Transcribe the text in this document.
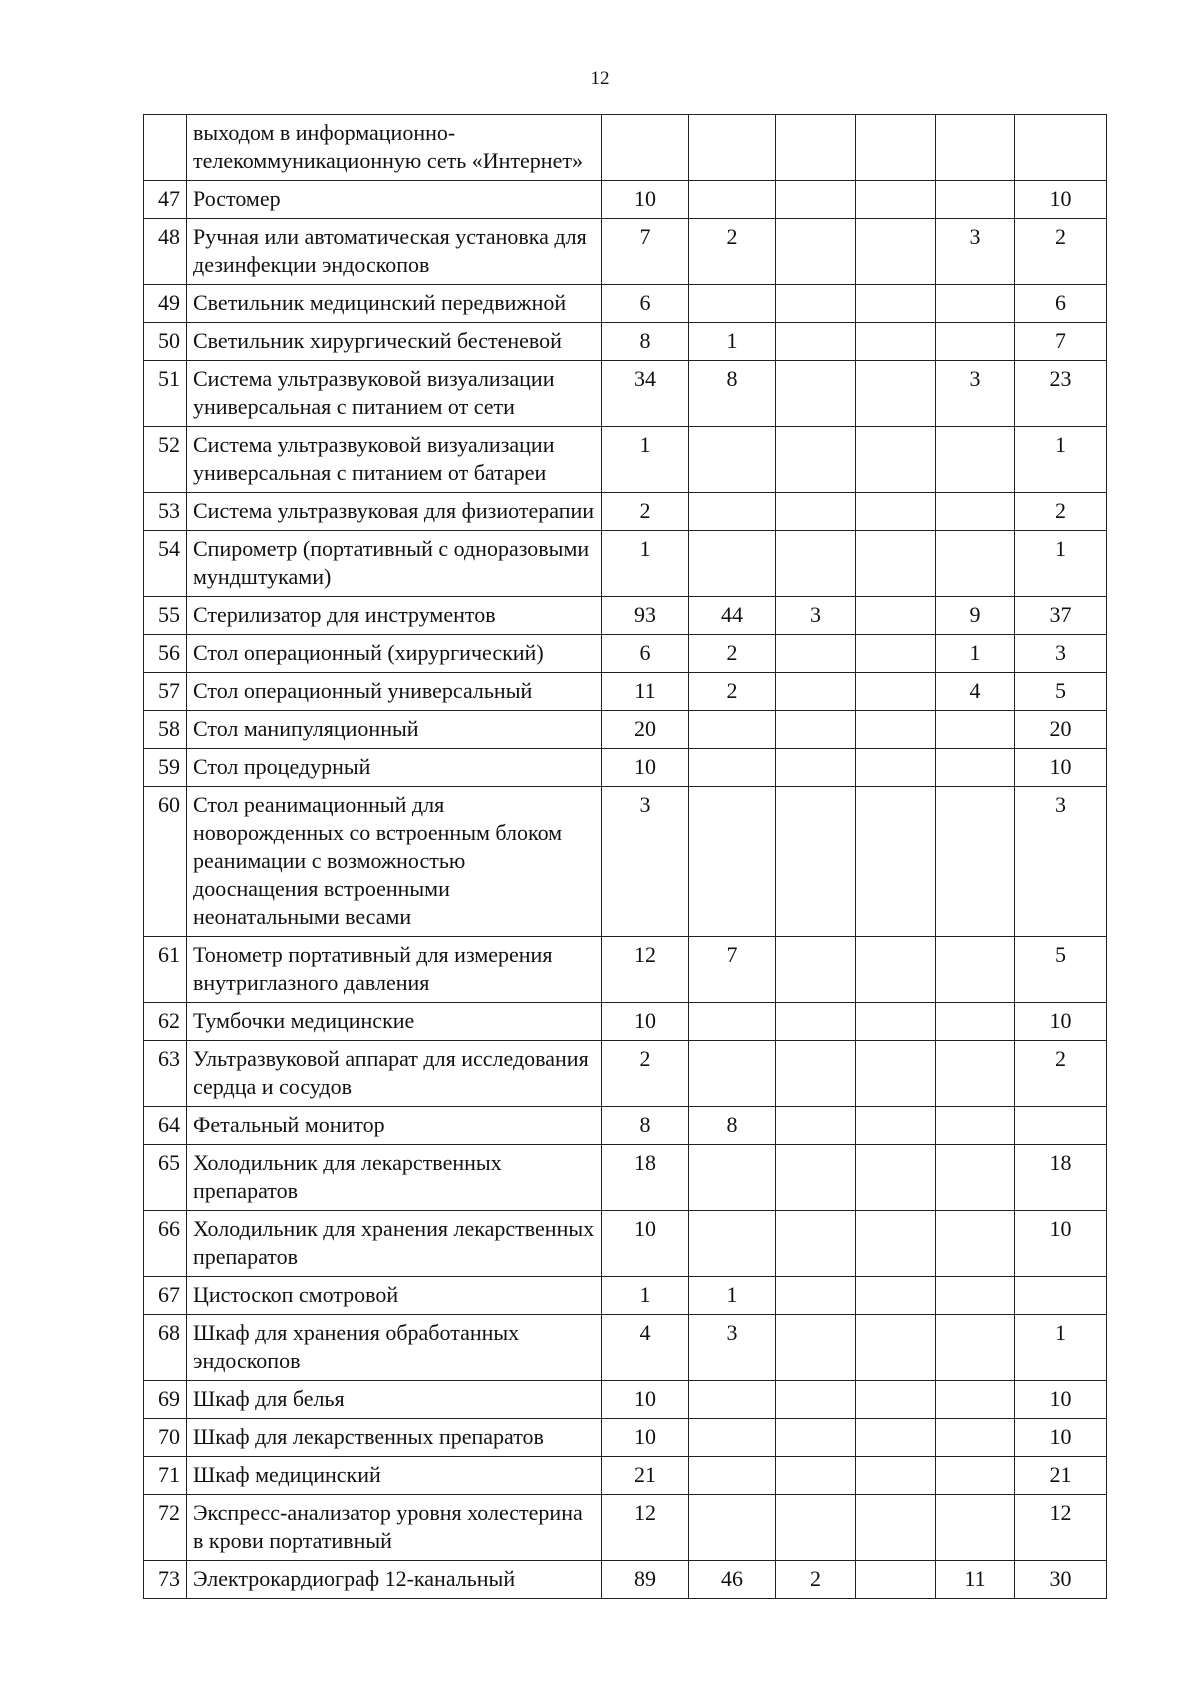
12
	выходом в информационно-телекоммуникационную сеть «Интернет»						
47	Ростомер	10					10
48	Ручная или автоматическая установка для дезинфекции эндоскопов	7	2			3	2
49	Светильник медицинский передвижной	6					6
50	Светильник хирургический бестеневой	8	1				7
51	Система ультразвуковой визуализации универсальная с питанием от сети	34	8			3	23
52	Система ультразвуковой визуализации универсальная с питанием от батареи	1					1
53	Система ультразвуковая для физиотерапии	2					2
54	Спирометр (портативный с одноразовыми мундштуками)	1					1
55	Стерилизатор для инструментов	93	44	3		9	37
56	Стол операционный (хирургический)	6	2			1	3
57	Стол операционный универсальный	11	2			4	5
58	Стол манипуляционный	20					20
59	Стол процедурный	10					10
60	Стол реанимационный для новорожденных со встроенным блоком реанимации с возможностью дооснащения встроенными неонатальными весами	3					3
61	Тонометр портативный для измерения внутриглазного давления	12	7				5
62	Тумбочки медицинские	10					10
63	Ультразвуковой аппарат для исследования сердца и сосудов	2					2
64	Фетальный монитор	8	8				
65	Холодильник для лекарственных препаратов	18					18
66	Холодильник для хранения лекарственных препаратов	10					10
67	Цистоскоп смотровой	1	1				
68	Шкаф для хранения обработанных эндоскопов	4	3				1
69	Шкаф для белья	10					10
70	Шкаф для лекарственных препаратов	10					10
71	Шкаф медицинский	21					21
72	Экспресс-анализатор уровня холестерина в крови портативный	12					12
73	Электрокардиограф 12-канальный	89	46	2		11	30
